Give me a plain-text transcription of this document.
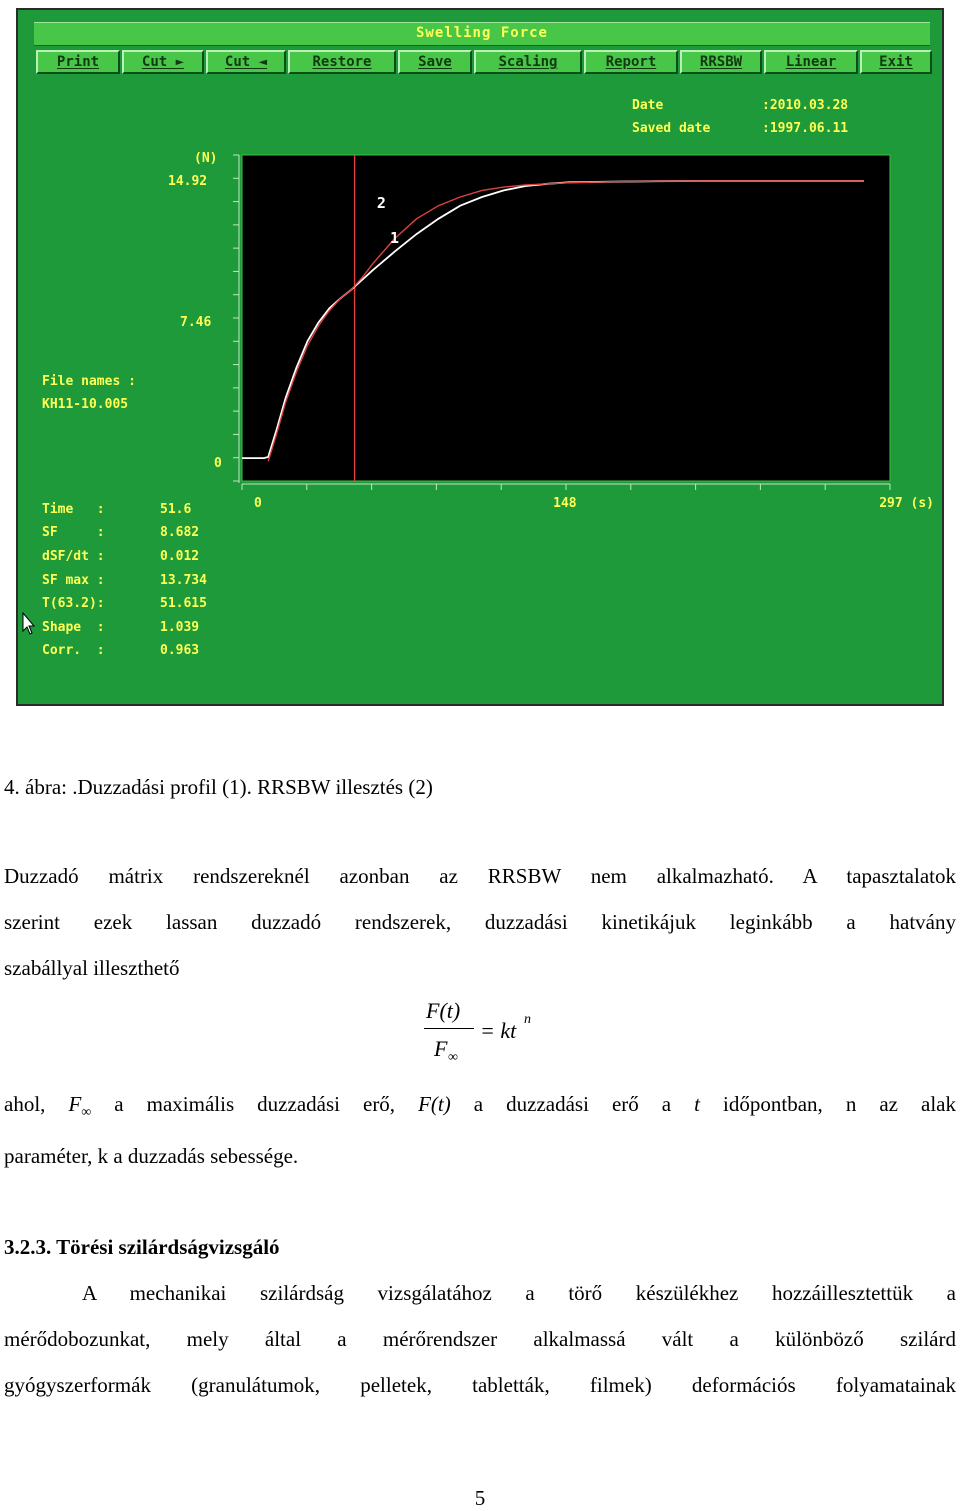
Swelling Force
Print	Cut ►	Cut ◄	Restore	Save	Scaling	Report	RRSBW	Linear	Exit
Date	:2010.03.28
Saved date	:1997.06.11
(N)
14.92
7.46
0
File names :
KH11-10.005
Time   :	51.6
SF     :	8.682
dSF/dt :	0.012
SF max :	13.734
T(63.2):	51.615
Shape  :	1.039
Corr.  :	0.963
0	148	297 (s)
2
1
4. ábra: .Duzzadási profil (1). RRSBW illesztés (2)
Duzzadó mátrix rendszereknél azonban az RRSBW nem alkalmazható. A tapasztalatok
szerint ezek lassan duzzadó rendszerek, duzzadási kinetikájuk leginkább a hatvány
szabállyal illeszthető
F(t)
F ∞
= kt n
ahol, $F_\infty$ a maximális duzzadási erő, F(t) a duzzadási erő a t időpontban, n az alak
paraméter, k a duzzadás sebessége.
3.2.3. Törési szilárdságvizsgáló
A mechanikai szilárdság vizsgálatához a törő készülékhez hozzáillesztettük a
mérődobozunkat, mely által a mérőrendszer alkalmassá vált a különböző szilárd
gyógyszerformák (granulátumok, pelletek, tabletták, filmek) deformációs folyamatainak
5
